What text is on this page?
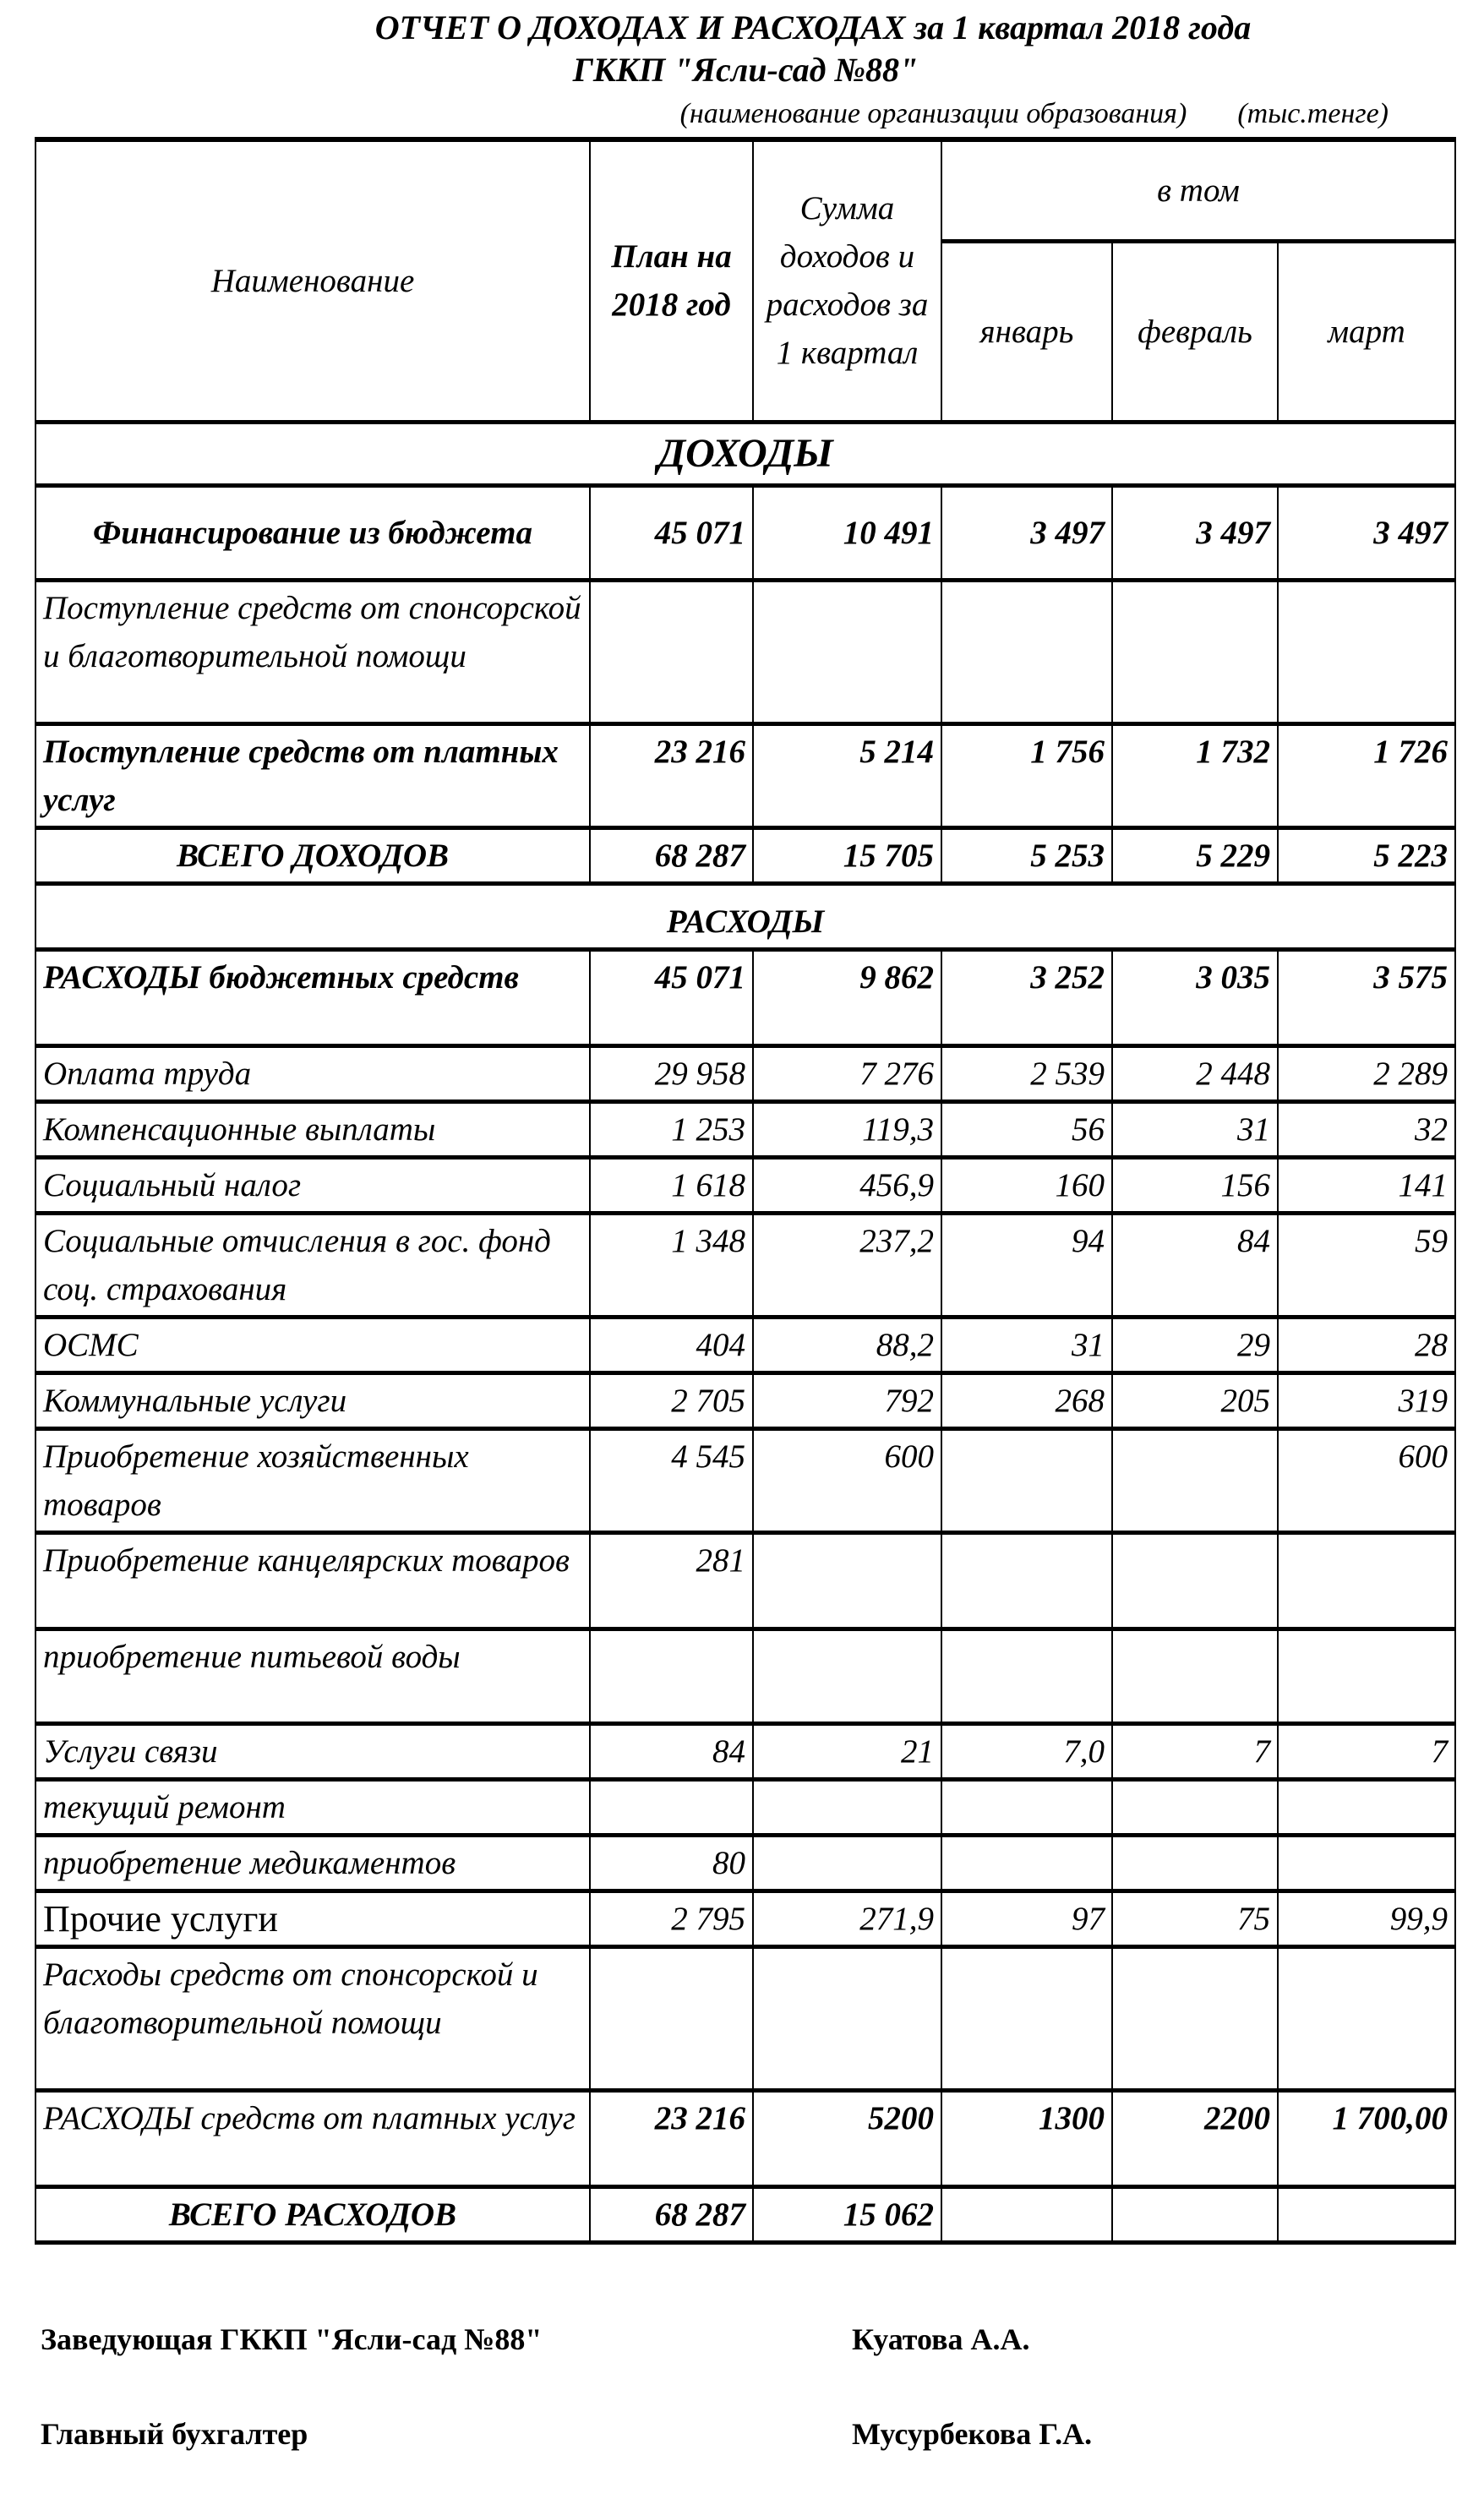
ОТЧЕТ О ДОХОДАХ И РАСХОДАХ за 1 квартал 2018 года
ГККП "Ясли-сад №88"
(наименование организации образования) (тыс.тенге)
Наименование	План на 2018 год	Сумма доходов и расходов за 1 квартал	в том		
			январь	февраль	март
ДОХОДЫ					
Финансирование из бюджета	45 071	10 491	3 497	3 497	3 497
Поступление средств от спонсорской и благотворительной помощи					
Поступление средств от платных услуг	23 216	5 214	1 756	1 732	1 726
ВСЕГО ДОХОДОВ	68 287	15 705	5 253	5 229	5 223
РАСХОДЫ					
РАСХОДЫ бюджетных средств	45 071	9 862	3 252	3 035	3 575
Оплата труда	29 958	7 276	2 539	2 448	2 289
Компенсационные выплаты	1 253	119,3	56	31	32
Социальный налог	1 618	456,9	160	156	141
Социальные отчисления в гос. фонд соц. страхования	1 348	237,2	94	84	59
ОСМС	404	88,2	31	29	28
Коммунальные услуги	2 705	792	268	205	319
Приобретение хозяйственных товаров	4 545	600			600
Приобретение канцелярских товаров	281				
приобретение питьевой воды					
Услуги связи	84	21	7,0	7	7
текущий ремонт					
приобретение медикаментов	80				
Прочие услуги	2 795	271,9	97	75	99,9
Расходы средств от спонсорской и благотворительной помощи					
РАСХОДЫ средств от платных услуг	23 216	5200	1300	2200	1 700,00
ВСЕГО РАСХОДОВ	68 287	15 062			
Заведующая ГККП "Ясли-сад №88"	Куатова А.А.
Главный бухгалтер	Мусурбекова Г.А.
